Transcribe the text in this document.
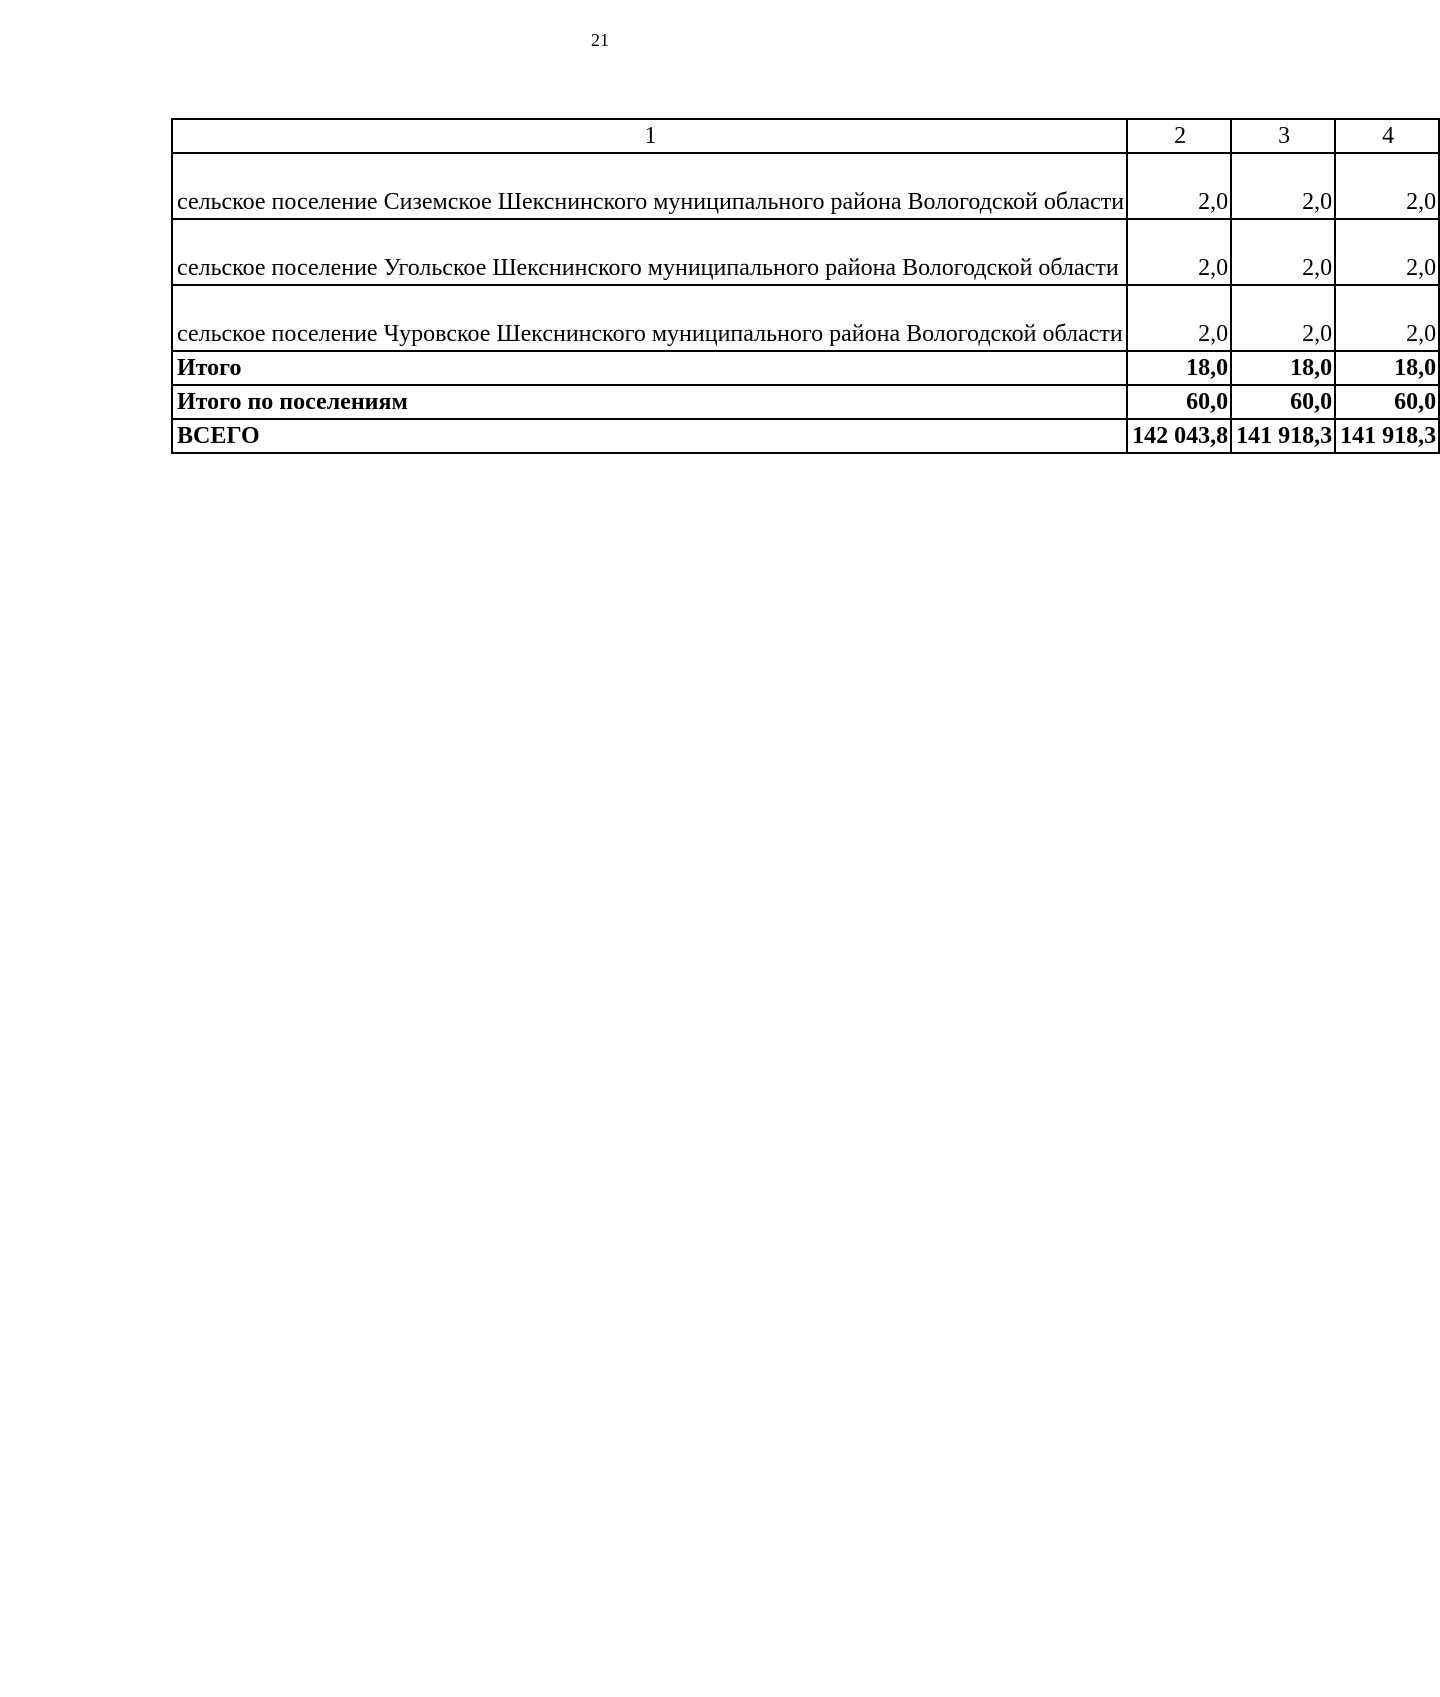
21
1	2	3	4
сельское поселение Сиземское Шекснинского муниципального района Вологодской области	2,0	2,0	2,0
сельское поселение Угольское Шекснинского муниципального района Вологодской области	2,0	2,0	2,0
сельское поселение Чуровское Шекснинского муниципального района Вологодской области	2,0	2,0	2,0
Итого	18,0	18,0	18,0
Итого по поселениям	60,0	60,0	60,0
ВСЕГО	142 043,8	141 918,3	141 918,3
